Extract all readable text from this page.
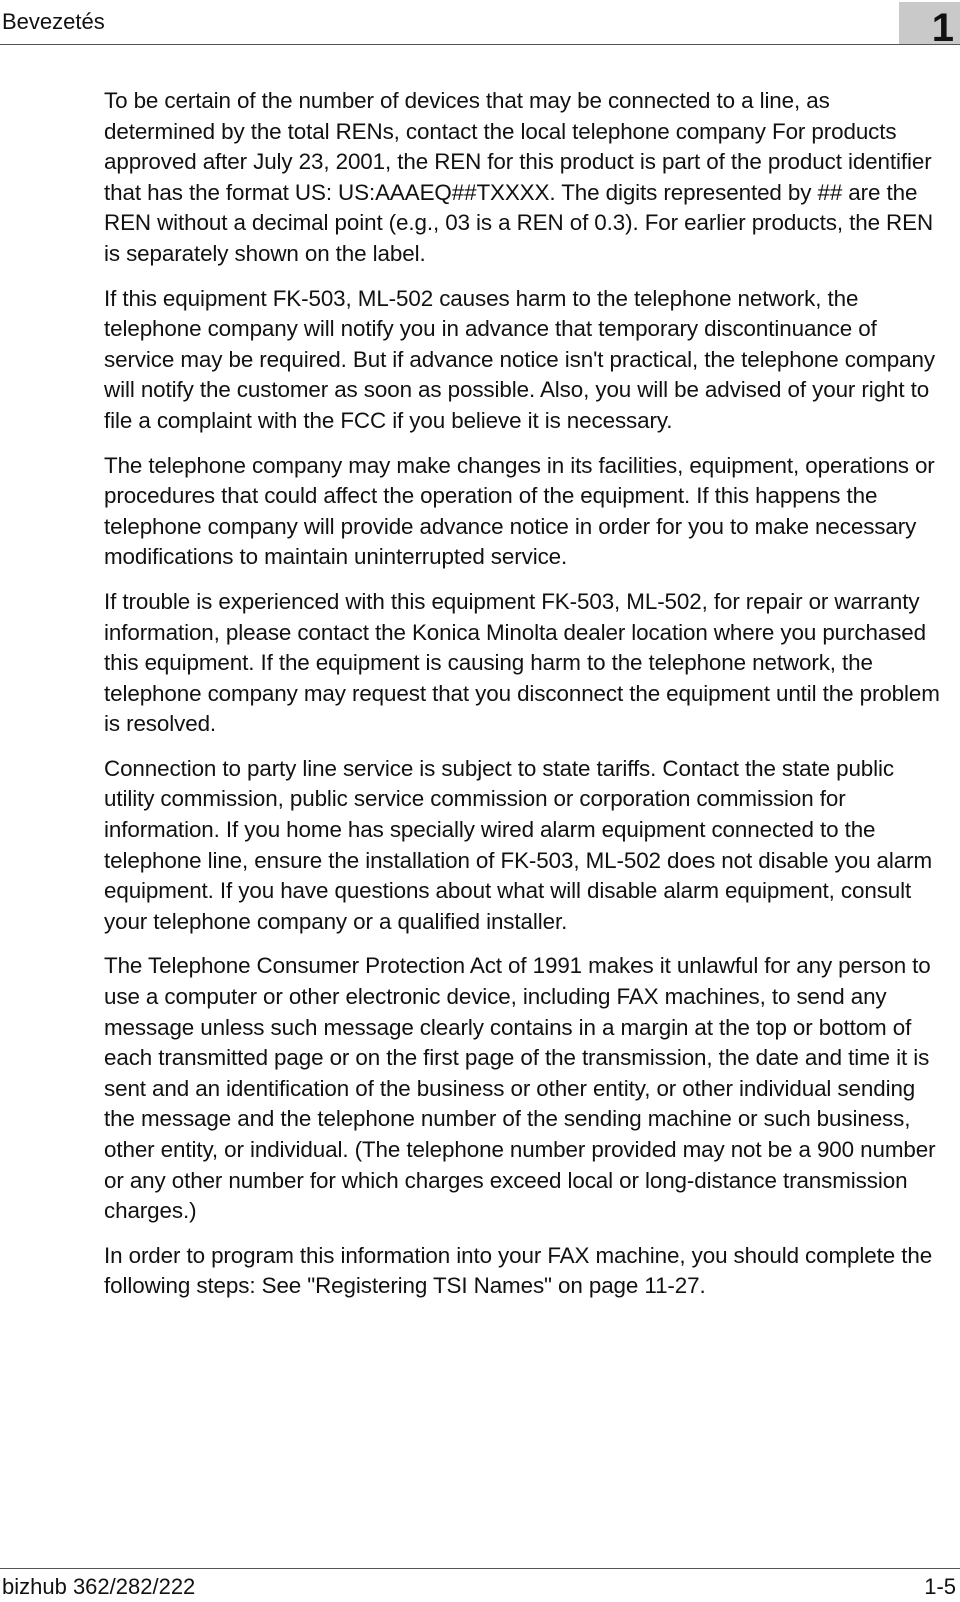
Bevezetés	1

To be certain of the number of devices that may be connected to a line, as determined by the total RENs, contact the local telephone company For products approved after July 23, 2001, the REN for this product is part of the product identifier that has the format US: US:AAAEQ##TXXXX. The digits represented by ## are the REN without a decimal point (e.g., 03 is a REN of 0.3). For earlier products, the REN is separately shown on the label.

If this equipment FK-503, ML-502 causes harm to the telephone network, the telephone company will notify you in advance that temporary discontinuance of service may be required. But if advance notice isn't practical, the telephone company will notify the customer as soon as possible. Also, you will be advised of your right to file a complaint with the FCC if you believe it is necessary.

The telephone company may make changes in its facilities, equipment, operations or procedures that could affect the operation of the equipment. If this happens the telephone company will provide advance notice in order for you to make necessary modifications to maintain uninterrupted service.

If trouble is experienced with this equipment FK-503, ML-502, for repair or warranty information, please contact the Konica Minolta dealer location where you purchased this equipment. If the equipment is causing harm to the telephone network, the telephone company may request that you disconnect the equipment until the problem is resolved.

Connection to party line service is subject to state tariffs. Contact the state public utility commission, public service commission or corporation commission for information. If you home has specially wired alarm equipment connected to the telephone line, ensure the installation of FK-503, ML-502 does not disable you alarm equipment. If you have questions about what will disable alarm equipment, consult your telephone company or a qualified installer.

The Telephone Consumer Protection Act of 1991 makes it unlawful for any person to use a computer or other electronic device, including FAX machines, to send any message unless such message clearly contains in a margin at the top or bottom of each transmitted page or on the first page of the transmission, the date and time it is sent and an identification of the business or other entity, or other individual sending the message and the telephone number of the sending machine or such business, other entity, or individual. (The telephone number provided may not be a 900 number or any other number for which charges exceed local or long-distance transmission charges.)

In order to program this information into your FAX machine, you should complete the following steps: See "Registering TSI Names" on page 11-27.

bizhub 362/282/222	1-5
